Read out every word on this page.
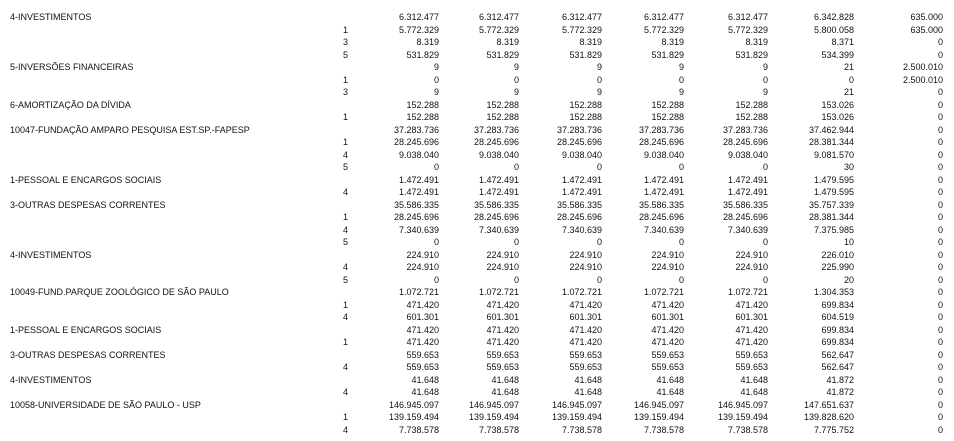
4-INVESTIMENTOS	6.312.477	6.312.477	6.312.477	6.312.477	6.312.477	6.342.828	635.000
1	5.772.329	5.772.329	5.772.329	5.772.329	5.772.329	5.800.058	635.000
3	8.319	8.319	8.319	8.319	8.319	8.371	0
5	531.829	531.829	531.829	531.829	531.829	534.399	0
5-INVERSÕES FINANCEIRAS	9	9	9	9	9	21	2.500.010
1	0	0	0	0	0	0	2.500.010
3	9	9	9	9	9	21	0
6-AMORTIZAÇÃO DA DÍVIDA	152.288	152.288	152.288	152.288	152.288	153.026	0
1	152.288	152.288	152.288	152.288	152.288	153.026	0
10047-FUNDAÇÃO AMPARO PESQUISA EST.SP.-FAPESP	37.283.736	37.283.736	37.283.736	37.283.736	37.283.736	37.462.944	0
1	28.245.696	28.245.696	28.245.696	28.245.696	28.245.696	28.381.344	0
4	9.038.040	9.038.040	9.038.040	9.038.040	9.038.040	9.081.570	0
5	0	0	0	0	0	30	0
1-PESSOAL E ENCARGOS SOCIAIS	1.472.491	1.472.491	1.472.491	1.472.491	1.472.491	1.479.595	0
4	1.472.491	1.472.491	1.472.491	1.472.491	1.472.491	1.479.595	0
3-OUTRAS DESPESAS CORRENTES	35.586.335	35.586.335	35.586.335	35.586.335	35.586.335	35.757.339	0
1	28.245.696	28.245.696	28.245.696	28.245.696	28.245.696	28.381.344	0
4	7.340.639	7.340.639	7.340.639	7.340.639	7.340.639	7.375.985	0
5	0	0	0	0	0	10	0
4-INVESTIMENTOS	224.910	224.910	224.910	224.910	224.910	226.010	0
4	224.910	224.910	224.910	224.910	224.910	225.990	0
5	0	0	0	0	0	20	0
10049-FUND.PARQUE ZOOLÓGICO DE SÃO PAULO	1.072.721	1.072.721	1.072.721	1.072.721	1.072.721	1.304.353	0
1	471.420	471.420	471.420	471.420	471.420	699.834	0
4	601.301	601.301	601.301	601.301	601.301	604.519	0
1-PESSOAL E ENCARGOS SOCIAIS	471.420	471.420	471.420	471.420	471.420	699.834	0
1	471.420	471.420	471.420	471.420	471.420	699.834	0
3-OUTRAS DESPESAS CORRENTES	559.653	559.653	559.653	559.653	559.653	562.647	0
4	559.653	559.653	559.653	559.653	559.653	562.647	0
4-INVESTIMENTOS	41.648	41.648	41.648	41.648	41.648	41.872	0
4	41.648	41.648	41.648	41.648	41.648	41.872	0
10058-UNIVERSIDADE DE SÃO PAULO - USP	146.945.097	146.945.097	146.945.097	146.945.097	146.945.097	147.651.637	0
1	139.159.494	139.159.494	139.159.494	139.159.494	139.159.494	139.828.620	0
4	7.738.578	7.738.578	7.738.578	7.738.578	7.738.578	7.775.752	0
